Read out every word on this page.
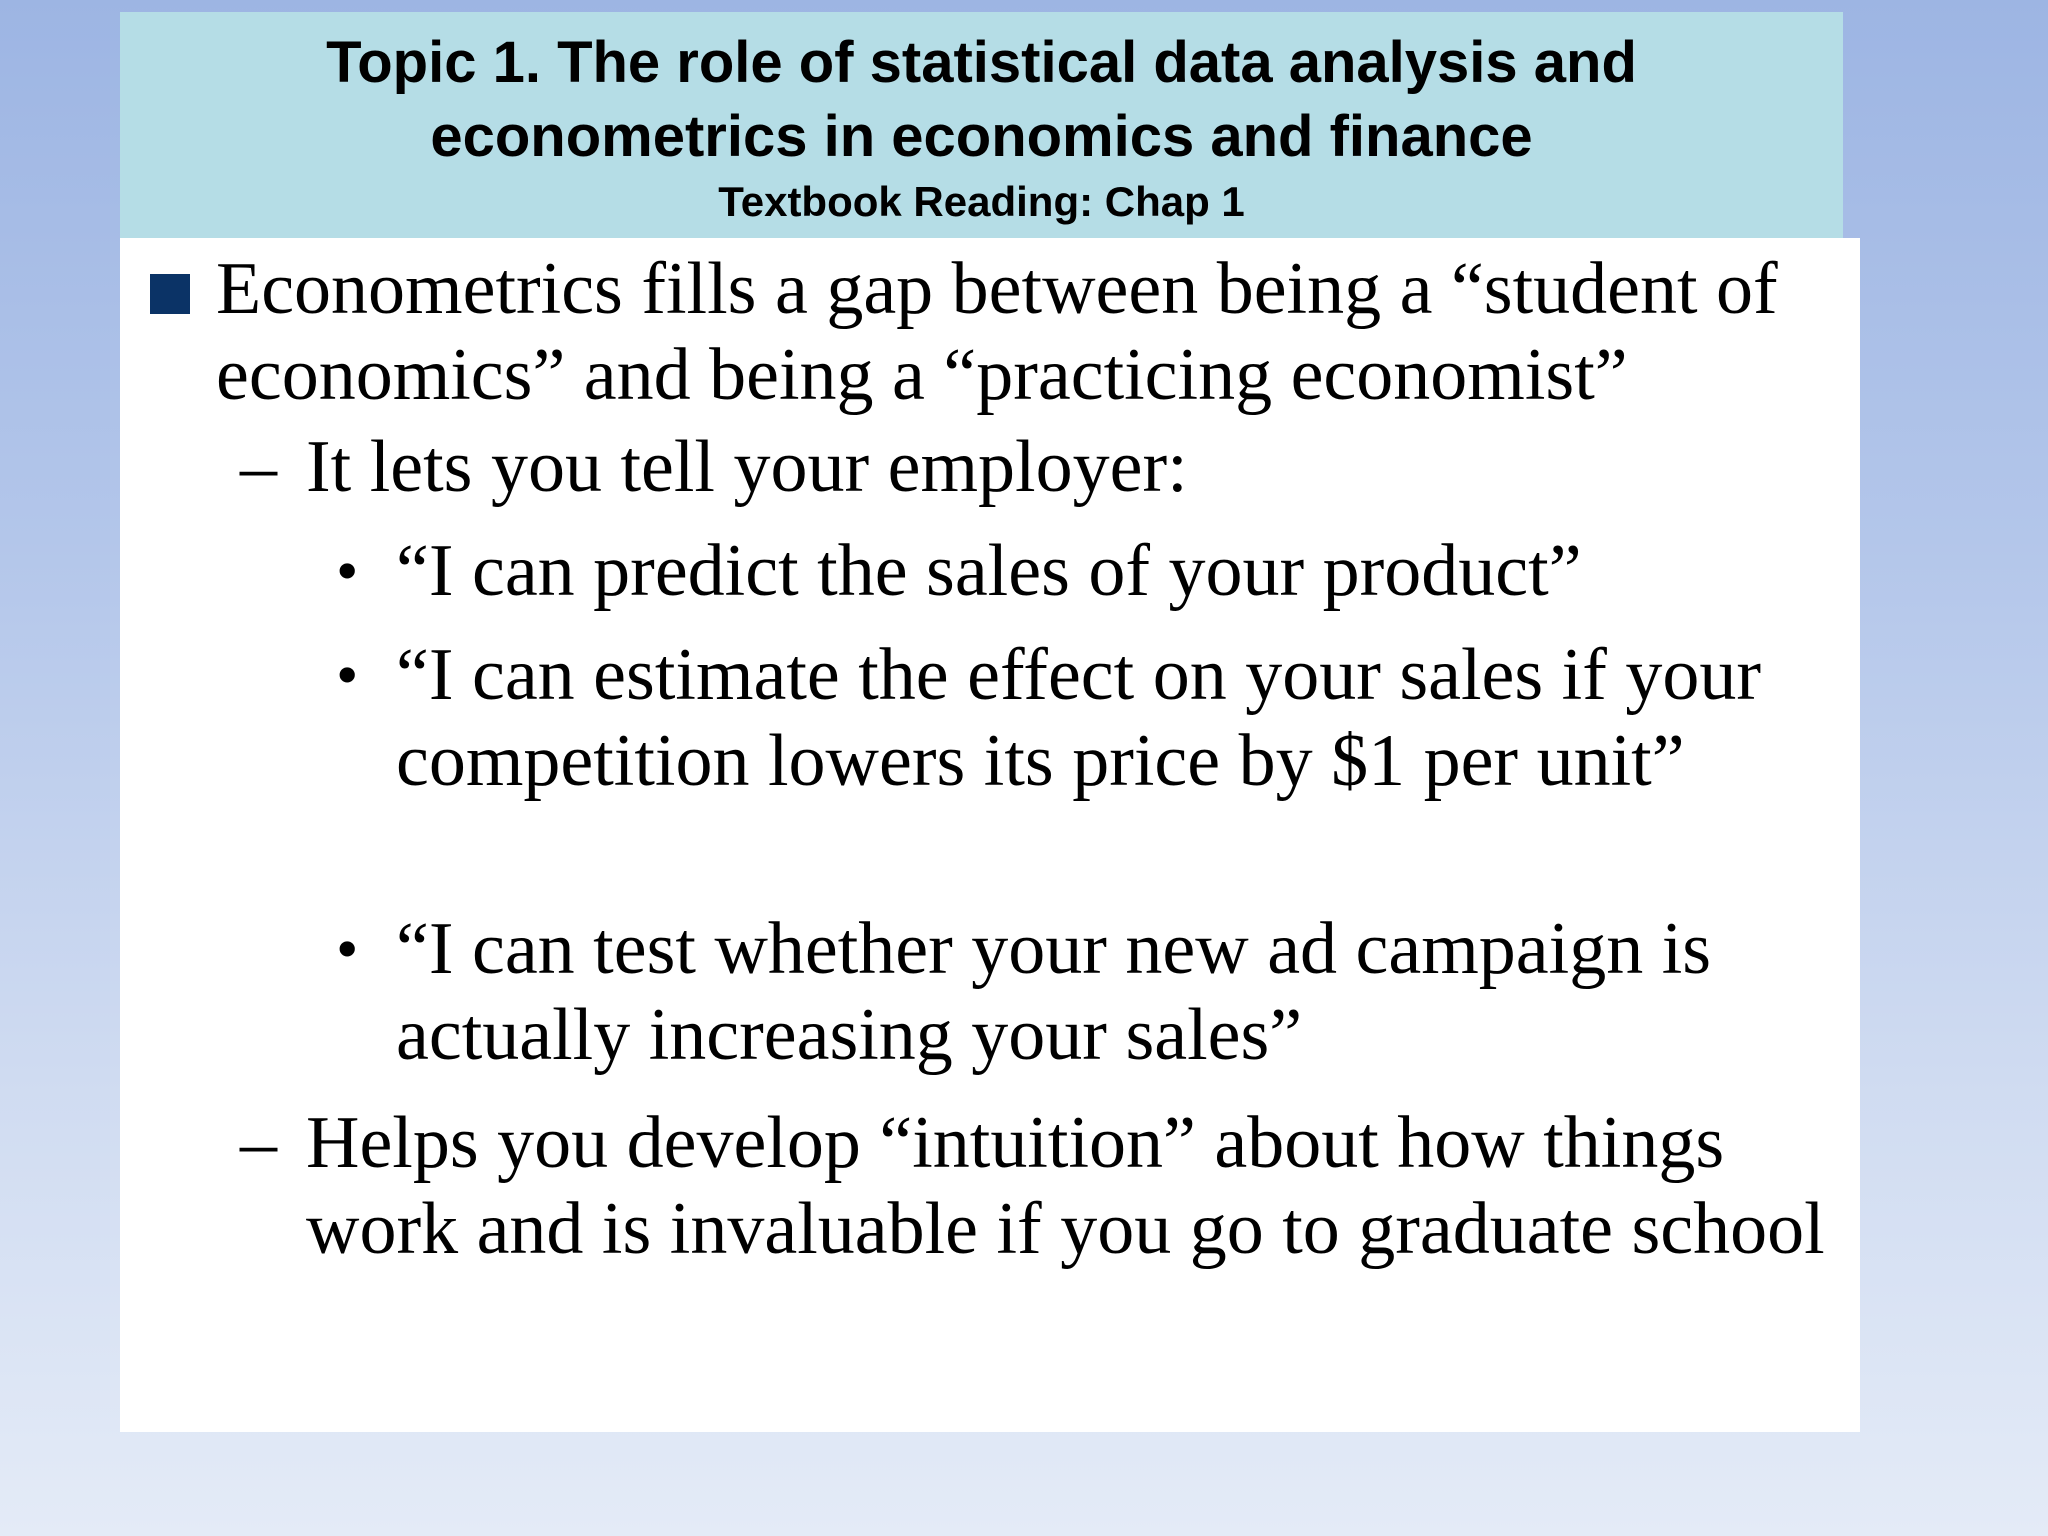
Topic 1. The role of statistical data analysis and
econometrics in economics and finance
Textbook Reading: Chap 1
Econometrics fills a gap between being a “student of economics” and being a “practicing economist”
– It lets you tell your employer:
• “I can predict the sales of your product”
• “I can estimate the effect on your sales if your competition lowers its price by $1 per unit”
• “I can test whether your new ad campaign is actually increasing your sales”
– Helps you develop “intuition” about how things work and is invaluable if you go to graduate school
